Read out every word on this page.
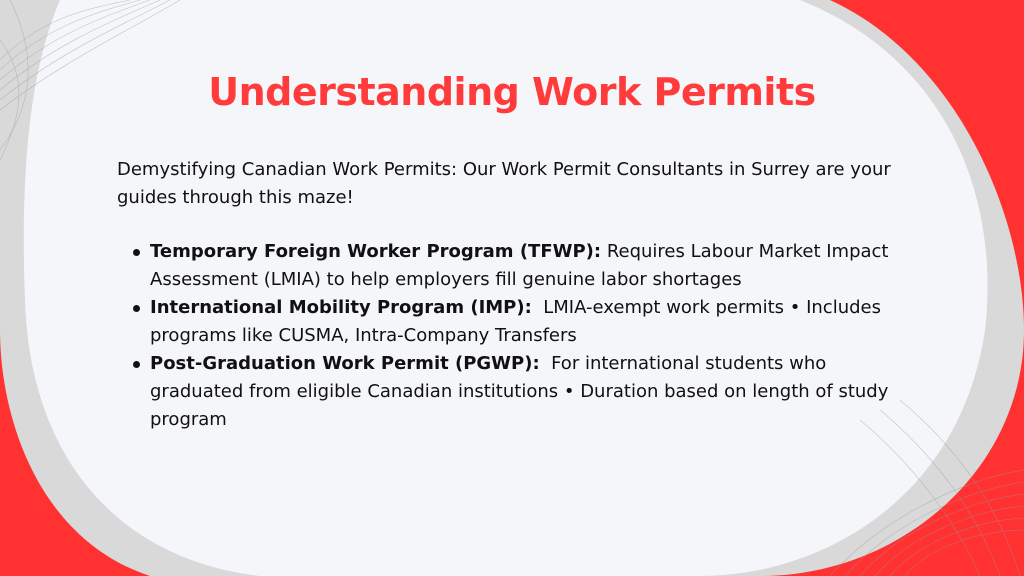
Understanding Work Permits

Demystifying Canadian Work Permits: Our Work Permit Consultants in Surrey are your guides through this maze!

Temporary Foreign Worker Program (TFWP): Requires Labour Market Impact Assessment (LMIA) to help employers fill genuine labor shortages
International Mobility Program (IMP):  LMIA-exempt work permits • Includes programs like CUSMA, Intra-Company Transfers
Post-Graduation Work Permit (PGWP):  For international students who graduated from eligible Canadian institutions • Duration based on length of study program
